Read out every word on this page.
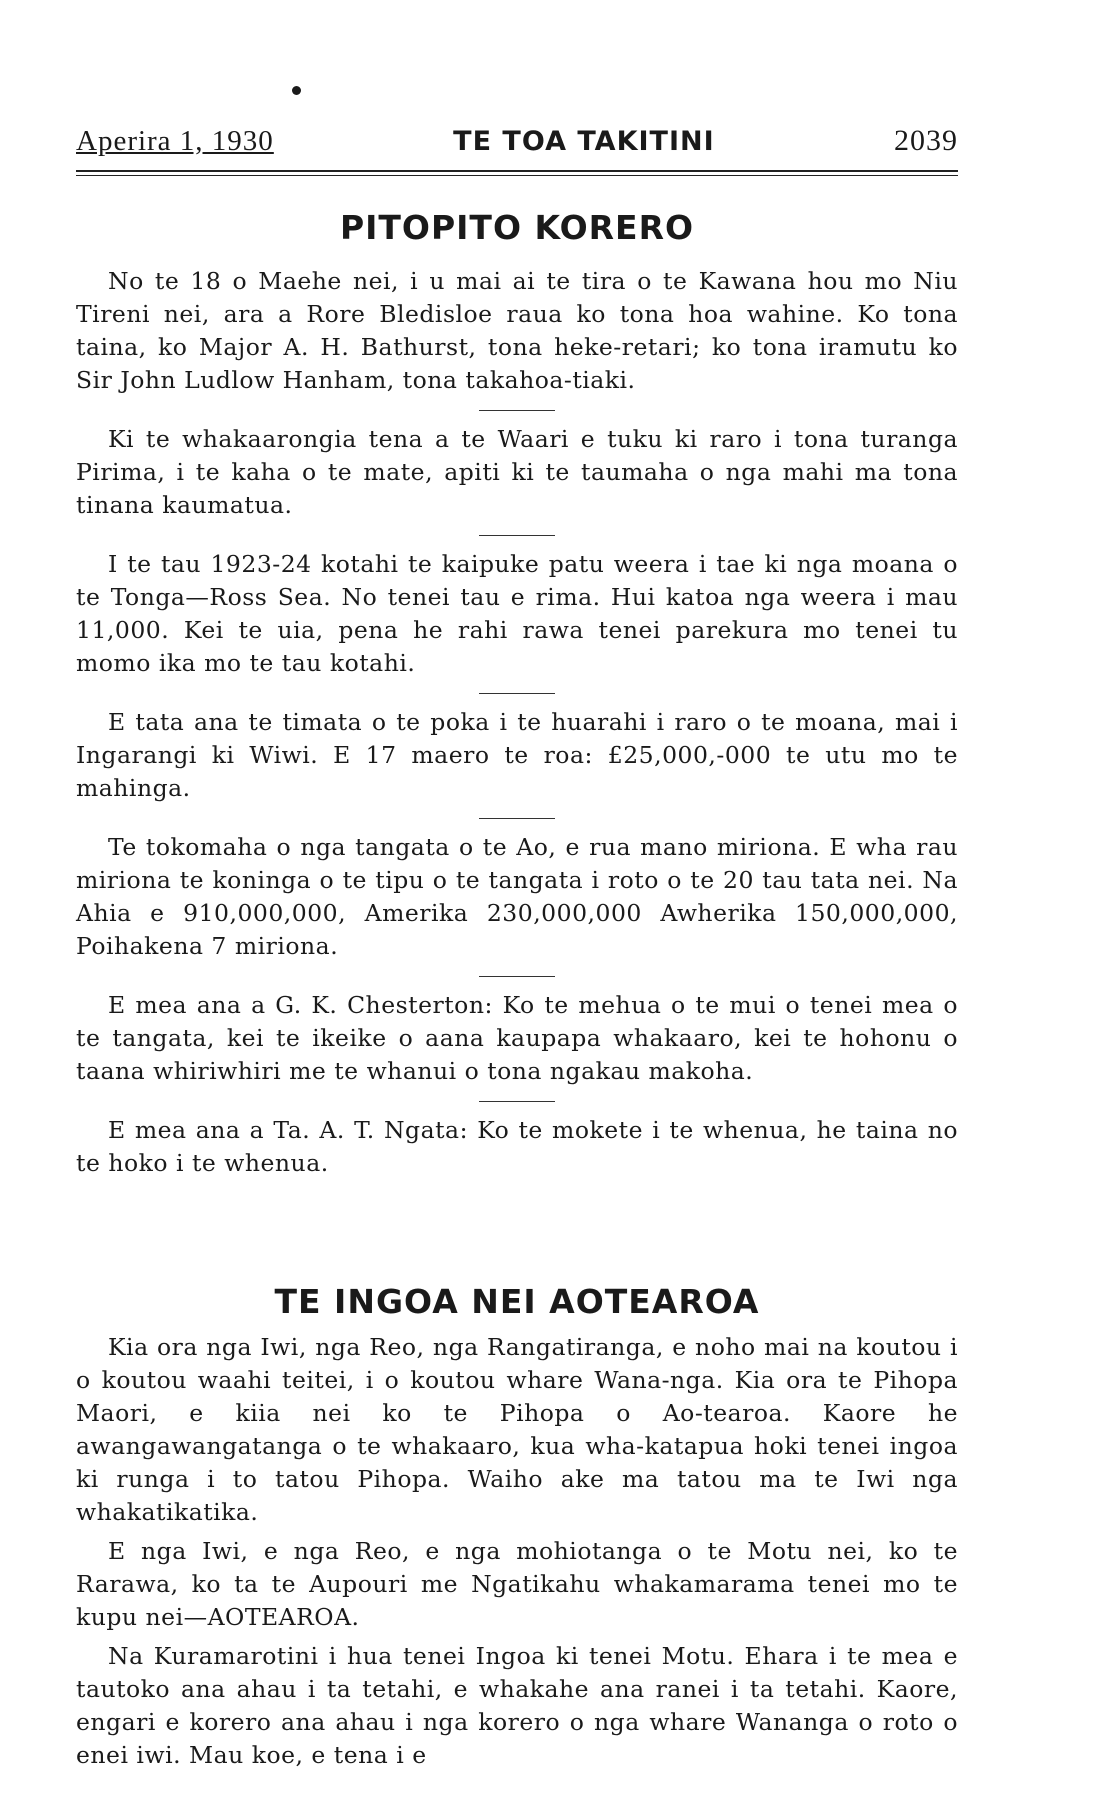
Aperira 1, 1930	TE TOA TAKITINI	2039
PITOPITO KORERO

No te 18 o Maehe nei, i u mai ai te tira o te Kawana hou mo Niu Tireni nei, ara a Rore Bledisloe raua ko tona hoa wahine. Ko tona taina, ko Major A. H. Bathurst, tona heke-retari; ko tona iramutu ko Sir John Ludlow Hanham, tona takahoa-tiaki.

Ki te whakaarongia tena a te Waari e tuku ki raro i tona turanga Pirima, i te kaha o te mate, apiti ki te taumaha o nga mahi ma tona tinana kaumatua.

I te tau 1923-24 kotahi te kaipuke patu weera i tae ki nga moana o te Tonga—Ross Sea. No tenei tau e rima. Hui katoa nga weera i mau 11,000. Kei te uia, pena he rahi rawa tenei parekura mo tenei tu momo ika mo te tau kotahi.

E tata ana te timata o te poka i te huarahi i raro o te moana, mai i Ingarangi ki Wiwi. E 17 maero te roa: £25,000,-000 te utu mo te mahinga.

Te tokomaha o nga tangata o te Ao, e rua mano miriona. E wha rau miriona te koninga o te tipu o te tangata i roto o te 20 tau tata nei. Na Ahia e 910,000,000, Amerika 230,000,000 Awherika 150,000,000, Poihakena 7 miriona.

E mea ana a G. K. Chesterton: Ko te mehua o te mui o tenei mea o te tangata, kei te ikeike o aana kaupapa whakaaro, kei te hohonu o taana whiriwhiri me te whanui o tona ngakau makoha.

E mea ana a Ta. A. T. Ngata: Ko te mokete i te whenua, he taina no te hoko i te whenua.

TE INGOA NEI AOTEAROA

Kia ora nga Iwi, nga Reo, nga Rangatiranga, e noho mai na koutou i o koutou waahi teitei, i o koutou whare Wana-nga. Kia ora te Pihopa Maori, e kiia nei ko te Pihopa o Ao-tearoa. Kaore he awangawangatanga o te whakaaro, kua wha-katapua hoki tenei ingoa ki runga i to tatou Pihopa. Waiho ake ma tatou ma te Iwi nga whakatikatika.

E nga Iwi, e nga Reo, e nga mohiotanga o te Motu nei, ko te Rarawa, ko ta te Aupouri me Ngatikahu whakamarama tenei mo te kupu nei—AOTEAROA.

Na Kuramarotini i hua tenei Ingoa ki tenei Motu. Ehara i te mea e tautoko ana ahau i ta tetahi, e whakahe ana ranei i ta tetahi. Kaore, engari e korero ana ahau i nga korero o nga whare Wananga o roto o enei iwi. Mau koe, e tena i e
